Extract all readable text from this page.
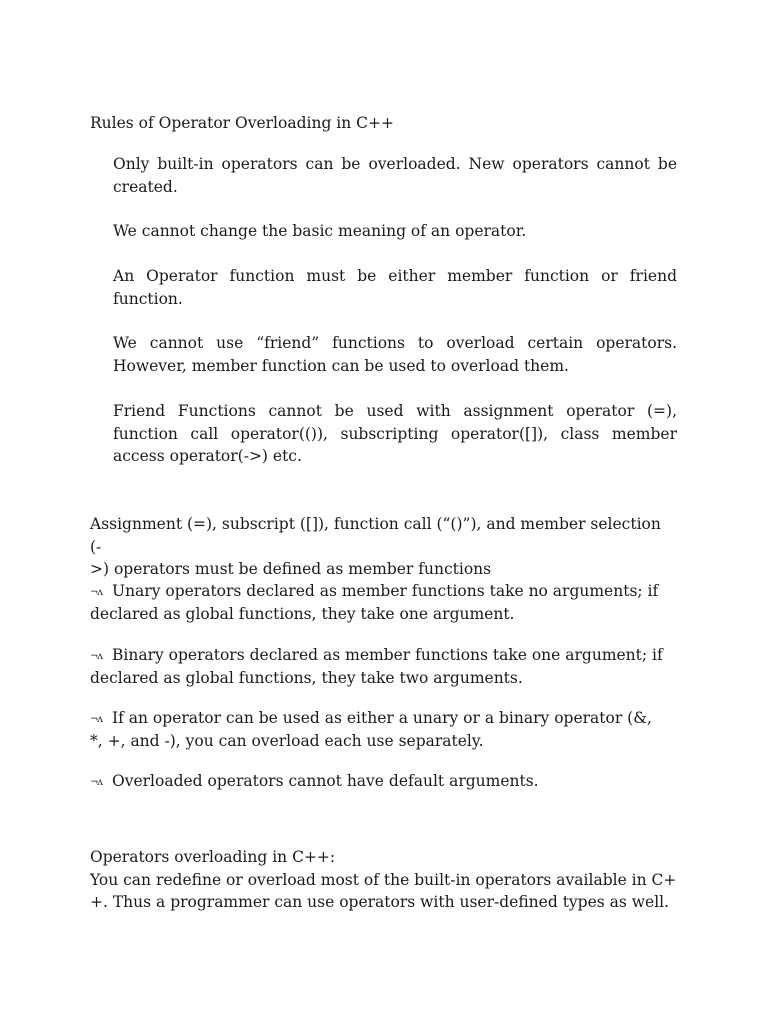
Rules of Operator Overloading in C++

Only built-in operators can be overloaded. New operators cannot be created.

We cannot change the basic meaning of an operator.

An Operator function must be either member function or friend function.

We cannot use “friend” functions to overload certain operators. However, member function can be used to overload them.

Friend Functions cannot be used with assignment operator (=), function call operator(()), subscripting operator([]), class member access operator(->) etc.

Assignment (=), subscript ([]), function call (“()”), and member selection (-
>) operators must be defined as member functions

¬ʌ Unary operators declared as member functions take no arguments; if
declared as global functions, they take one argument.

¬ʌ Binary operators declared as member functions take one argument; if
declared as global functions, they take two arguments.

¬ʌ If an operator can be used as either a unary or a binary operator (&,
*, +, and -), you can overload each use separately.

¬ʌ Overloaded operators cannot have default arguments.

Operators overloading in C++:

You can redefine or overload most of the built-in operators available in C+

+. Thus a programmer can use operators with user-defined types as well.
